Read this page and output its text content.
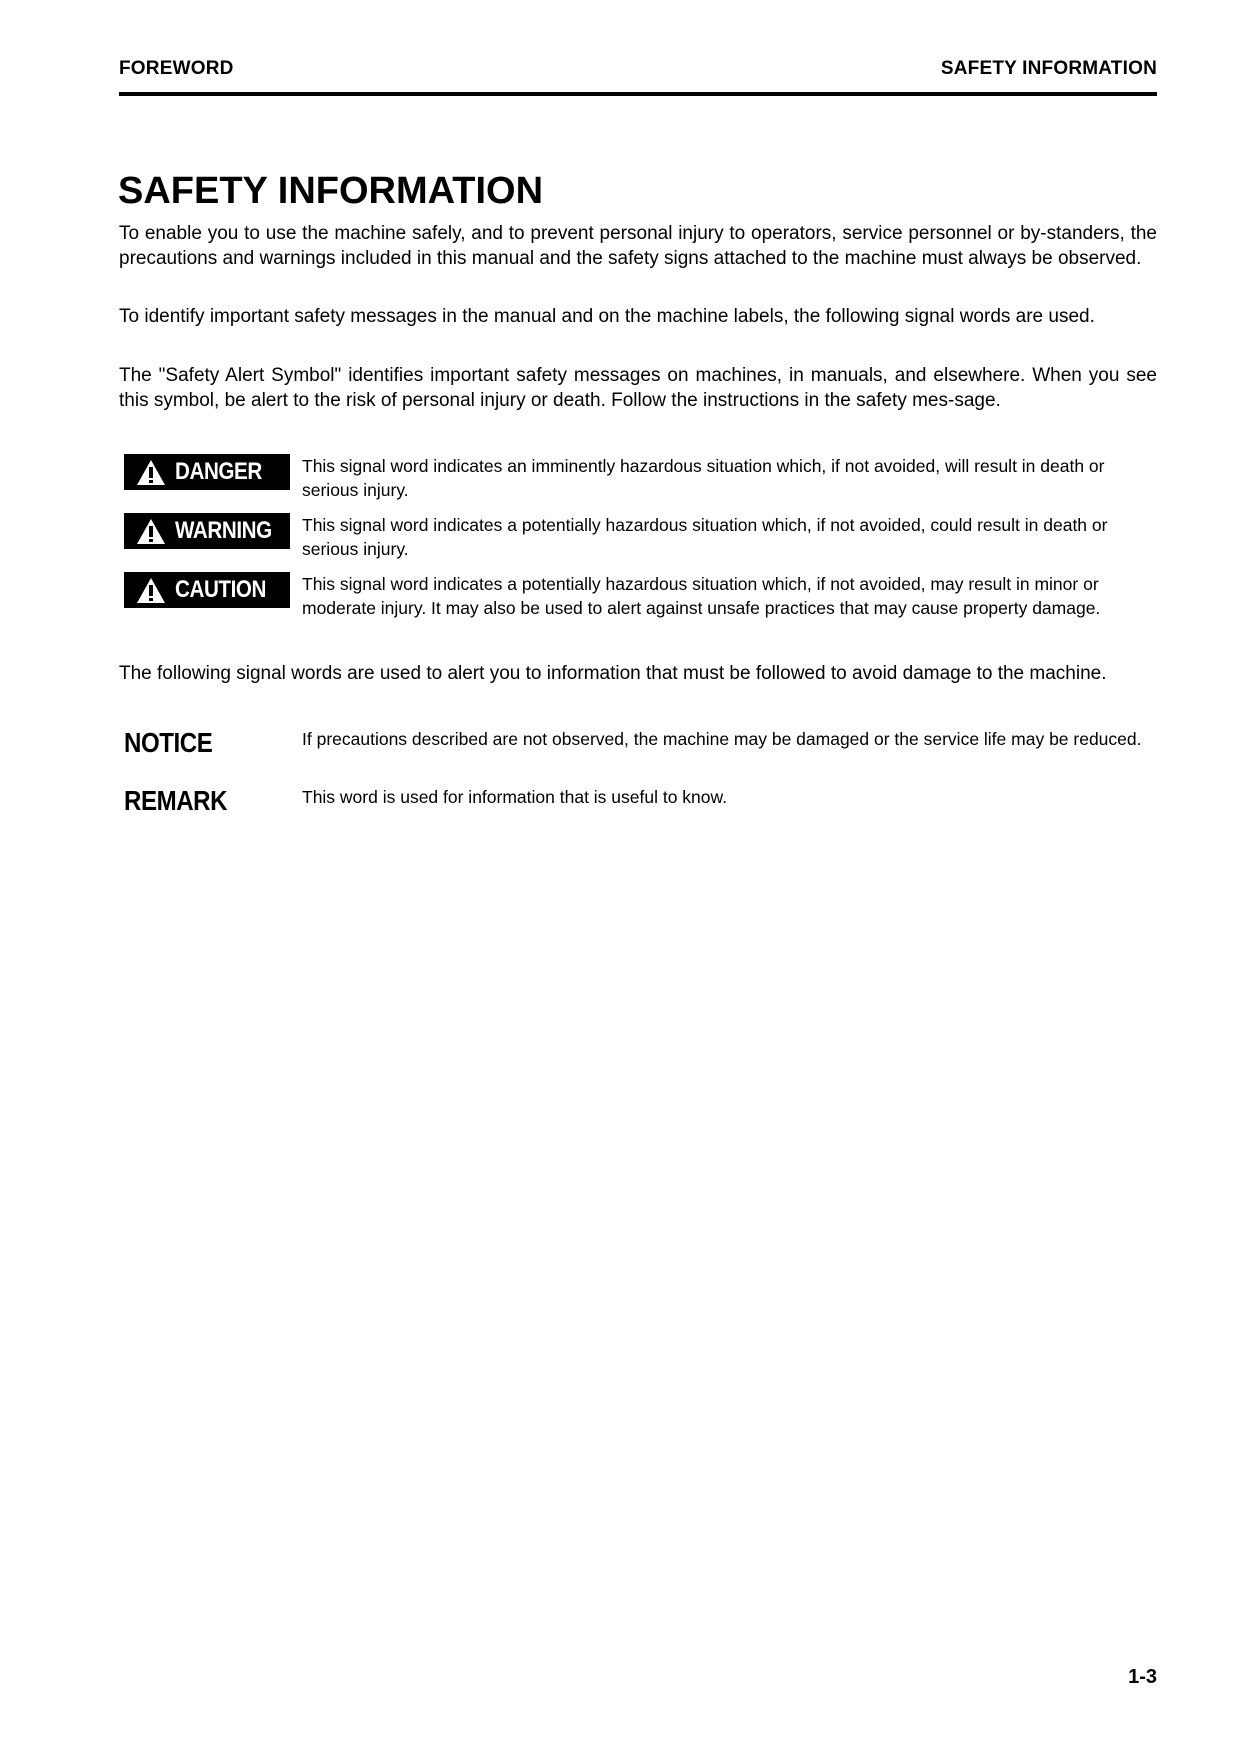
FOREWORD	SAFETY INFORMATION
SAFETY INFORMATION

To enable you to use the machine safely, and to prevent personal injury to operators, service personnel or by-standers, the precautions and warnings included in this manual and the safety signs attached to the machine must always be observed.

To identify important safety messages in the manual and on the machine labels, the following signal words are used.

The "Safety Alert Symbol" identifies important safety messages on machines, in manuals, and elsewhere. When you see this symbol, be alert to the risk of personal injury or death. Follow the instructions in the safety mes-sage.

DANGER This signal word indicates an imminently hazardous situation which, if not avoided, will result in death or serious injury.

WARNING This signal word indicates a potentially hazardous situation which, if not avoided, could result in death or serious injury.

CAUTION This signal word indicates a potentially hazardous situation which, if not avoided, may result in minor or moderate injury. It may also be used to alert against unsafe practices that may cause property damage.

The following signal words are used to alert you to information that must be followed to avoid damage to the machine.

NOTICE	If precautions described are not observed, the machine may be damaged or the service life may be reduced.

REMARK	This word is used for information that is useful to know.

1-3
